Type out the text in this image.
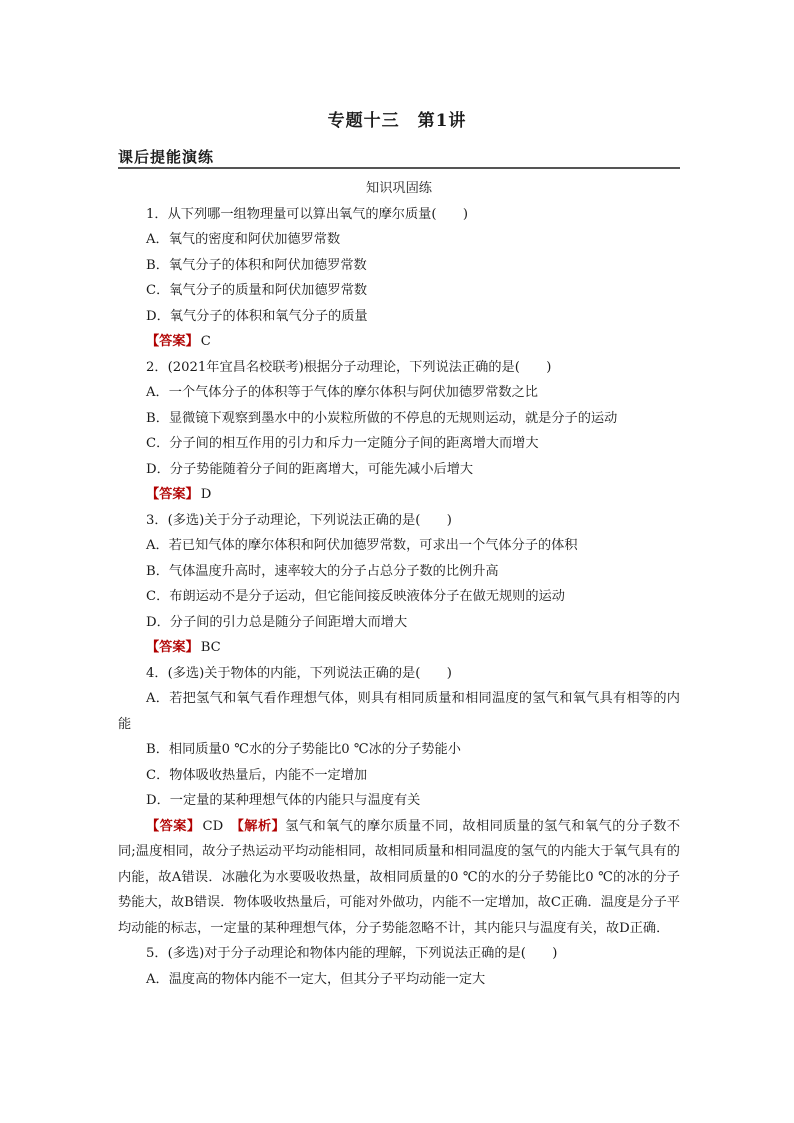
专题十三　第1讲
课后提能演练
知识巩固练
1．从下列哪一组物理量可以算出氧气的摩尔质量(　　)
A．氧气的密度和阿伏加德罗常数
B．氧气分子的体积和阿伏加德罗常数
C．氧气分子的质量和阿伏加德罗常数
D．氧气分子的体积和氧气分子的质量
【答案】 C
2．(2021年宜昌名校联考)根据分子动理论，下列说法正确的是(　　)
A．一个气体分子的体积等于气体的摩尔体积与阿伏加德罗常数之比
B．显微镜下观察到墨水中的小炭粒所做的不停息的无规则运动，就是分子的运动
C．分子间的相互作用的引力和斥力一定随分子间的距离增大而增大
D．分子势能随着分子间的距离增大，可能先减小后增大
【答案】 D
3．(多选)关于分子动理论，下列说法正确的是(　　)
A．若已知气体的摩尔体积和阿伏加德罗常数，可求出一个气体分子的体积
B．气体温度升高时，速率较大的分子占总分子数的比例升高
C．布朗运动不是分子运动，但它能间接反映液体分子在做无规则的运动
D．分子间的引力总是随分子间距增大而增大
【答案】 BC
4．(多选)关于物体的内能，下列说法正确的是(　　)
A．若把氢气和氧气看作理想气体，则具有相同质量和相同温度的氢气和氧气具有相等的内能
B．相同质量0 ℃水的分子势能比0 ℃冰的分子势能小
C．物体吸收热量后，内能不一定增加
D．一定量的某种理想气体的内能只与温度有关
【答案】 CD　 【解析】氢气和氧气的摩尔质量不同，故相同质量的氢气和氧气的分子数不同;温度相同，故分子热运动平均动能相同，故相同质量和相同温度的氢气的内能大于氧气具有的内能，故A错误．冰融化为水要吸收热量，故相同质量的0 ℃的水的分子势能比0 ℃的冰的分子势能大，故B错误．物体吸收热量后，可能对外做功，内能不一定增加，故C正确．温度是分子平均动能的标志，一定量的某种理想气体，分子势能忽略不计，其内能只与温度有关，故D正确．
5．(多选)对于分子动理论和物体内能的理解，下列说法正确的是(　　)
A．温度高的物体内能不一定大，但其分子平均动能一定大
